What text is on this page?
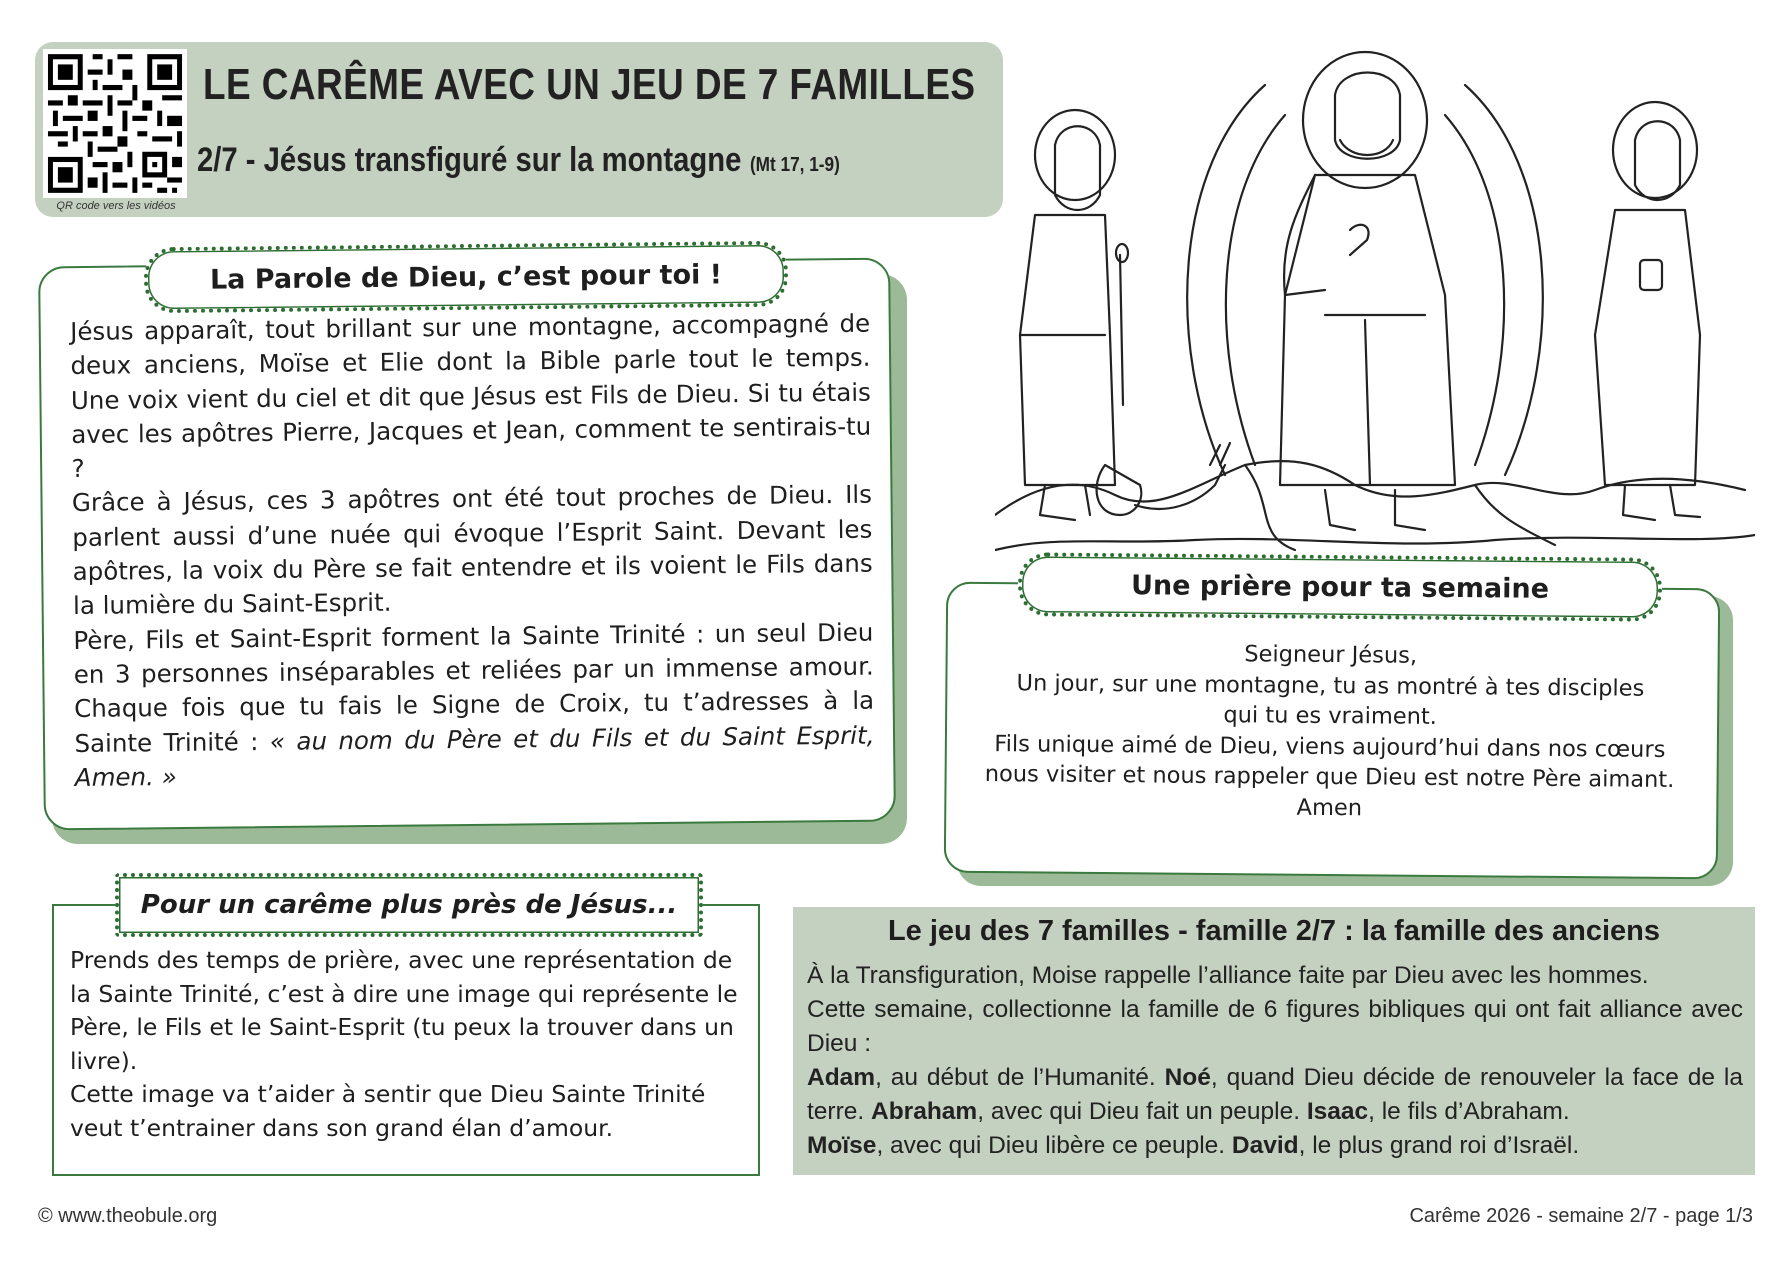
QR code vers les vidéos
LE CARÊME AVEC UN JEU DE 7 FAMILLES
2/7 - Jésus transfiguré sur la montagne (Mt 17, 1-9)
La Parole de Dieu, c’est pour toi !
Jésus apparaît, tout brillant sur une montagne, accompagné de deux anciens, Moïse et Elie dont la Bible parle tout le temps. Une voix vient du ciel et dit que Jésus est Fils de Dieu. Si tu étais avec les apôtres Pierre, Jacques et Jean, comment te sentirais-tu ?
Grâce à Jésus, ces 3 apôtres ont été tout proches de Dieu. Ils parlent aussi d’une nuée qui évoque l’Esprit Saint. Devant les apôtres, la voix du Père se fait entendre et ils voient le Fils dans la lumière du Saint-Esprit.
Père, Fils et Saint-Esprit forment la Sainte Trinité : un seul Dieu en 3 personnes inséparables et reliées par un immense amour. Chaque fois que tu fais le Signe de Croix, tu t’adresses à la Sainte Trinité : « au nom du Père et du Fils et du Saint Esprit, Amen. »
Une prière pour ta semaine
Seigneur Jésus,
Un jour, sur une montagne, tu as montré à tes disciples
qui tu es vraiment.
Fils unique aimé de Dieu, viens aujourd’hui dans nos cœurs
nous visiter et nous rappeler que Dieu est notre Père aimant.
Amen
Pour un carême plus près de Jésus...
Prends des temps de prière, avec une représentation de la Sainte Trinité, c’est à dire une image qui représente le Père, le Fils et le Saint-Esprit (tu peux la trouver dans un livre).
Cette image va t’aider à sentir que Dieu Sainte Trinité veut t’entrainer dans son grand élan d’amour.
Le jeu des 7 familles - famille 2/7 : la famille des anciens
À la Transfiguration, Moise rappelle l’alliance faite par Dieu avec les hommes.
Cette semaine, collectionne la famille de 6 figures bibliques qui ont fait alliance avec Dieu :
Adam, au début de l’Humanité. Noé, quand Dieu décide de renouveler la face de la terre. Abraham, avec qui Dieu fait un peuple. Isaac, le fils d’Abraham.
Moïse, avec qui Dieu libère ce peuple. David, le plus grand roi d’Israël.
© www.theobule.org	Carême 2026 - semaine 2/7 - page 1/3
